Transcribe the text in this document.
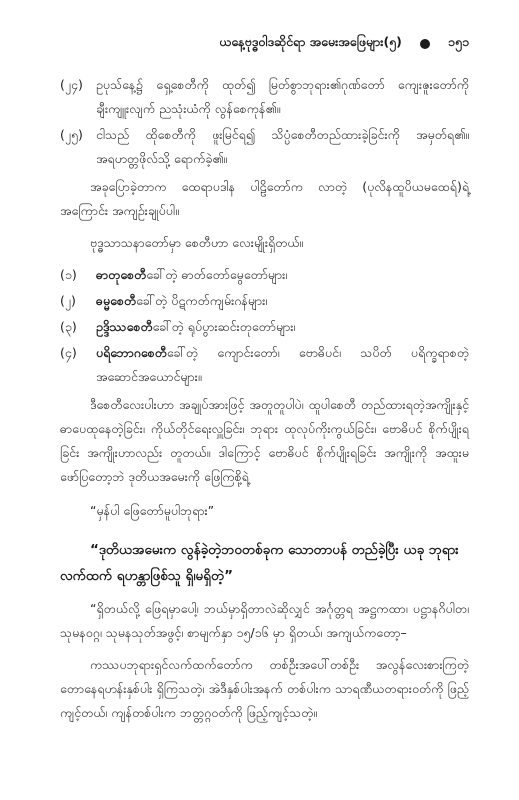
ယနေ့ဗုဒ္ဓဝါဒဆိုင်ရာ အမေးအဖြေများ(၅)	၁၅၁
(၂၄)	ဥပုသ်နေ့၌ ရှေ့စေတီကို ထုတ်၍ မြတ်စွာဘုရား၏ဂုဏ်တော် ကျေးဇူးတော်ကို ချီးကျူးလျက် ညသုံးယံကို လွန်စေကုန်၏။
(၂၅)	ငါသည် ထိုစေတီကို ဖူးမြင်ရ၍ သိပ္ပံစေတီတည်ထားခဲ့ခြင်းကို အမှတ်ရ၏။ အရဟတ္တဖိုလ်သို့ ရောက်ခဲ့၏။

အခုပြောခဲ့တာက ထေရာပဒါန ပါဠိတော်က လာတဲ့ (ပုလိနထူပိယမထေရ်)ရဲ့အကြောင်း အကျဉ်းချုပ်ပါ။

ဗုဒ္ဓသာသနာတော်မှာ စေတီဟာ လေးမျိုးရှိတယ်။

(၁)	ဓာတုစေတီခေါ်တဲ့ ဓာတ်တော်မွေတော်များ၊
(၂)	ဓမ္မစေတီခေါ်တဲ့ ပိဋကတ်ကျမ်းဂန်များ၊
(၃)	ဥဒ္ဒိဿစေတီခေါ်တဲ့ ရုပ်ပွားဆင်းတုတော်များ၊
(၄)	ပရိဘောဂစေတီခေါ်တဲ့ ကျောင်းတော်၊ ဗောဓိပင်၊ သပိတ် ပရိက္ခရာစတဲ့ အဆောင်အယောင်များ။

ဒီစေတီလေးပါးဟာ အချုပ်အားဖြင့် အတူတူပါပဲ၊ ထူပါစေတီ တည်ထားရတဲ့အကျိုးနှင့် ဓာပေထုနေတဲ့ခြင်း၊ ကိုယ်တိုင်ရေးလှူခြင်း၊ ဘုရား ထုလုပ်ကိုးကွယ်ခြင်း၊ ဗောဓိပင် စိုက်ပျိုးရခြင်း အကျိုးဟာလည်း တူတယ်။ ဒါကြောင့် ဗောဓိပင် စိုက်ပျိုးရခြင်း အကျိုးကို အထူးမဖော်ပြတော့ဘဲ ဒုတိယအမေးကို ဖြေကြစို့ရဲ့

“မှန်ပါ ဖြေတော်မူပါဘုရား”

“ဒုတိယအမေးက လွန်ခဲ့တဲ့ဘဝတစ်ခုက သောတာပန် တည်ခဲ့ပြီး ယခု ဘုရားလက်ထက် ရဟန္တာဖြစ်သူ ရှိ၊မရှိတဲ့”

“ရှိတယ်လို့ ဖြေရမှာပေါ့၊ ဘယ်မှာရှိတာလဲဆိုလျှင် အင်္ဂုတ္တရ အဋ္ဌကထာ၊ ပဋ္ဌာနဂိပါတ၊ သုမနဝဂ္ဂ၊ သုမနသုတ်အဖွင့်၊ စာမျက်နှာ ၁၅/၁၆ မှာ ရှိတယ်၊ အကျယ်ကတော့–

ကဿပဘုရားရှင်လက်ထက်တော်က တစ်ဦးအပေါ်တစ်ဦး အလွန်လေးစားကြတဲ့ တောနေရဟန်းနှစ်ပါး ရှိကြသတဲ့၊ အဲဒီနှစ်ပါးအနက် တစ်ပါးက သာရဏီယတရားဝတ်ကို ဖြည့်ကျင့်တယ်၊ ကျန်တစ်ပါးက ဘတ္တဂ္ဂဝတ်ကို ဖြည့်ကျင့်သတဲ့။
